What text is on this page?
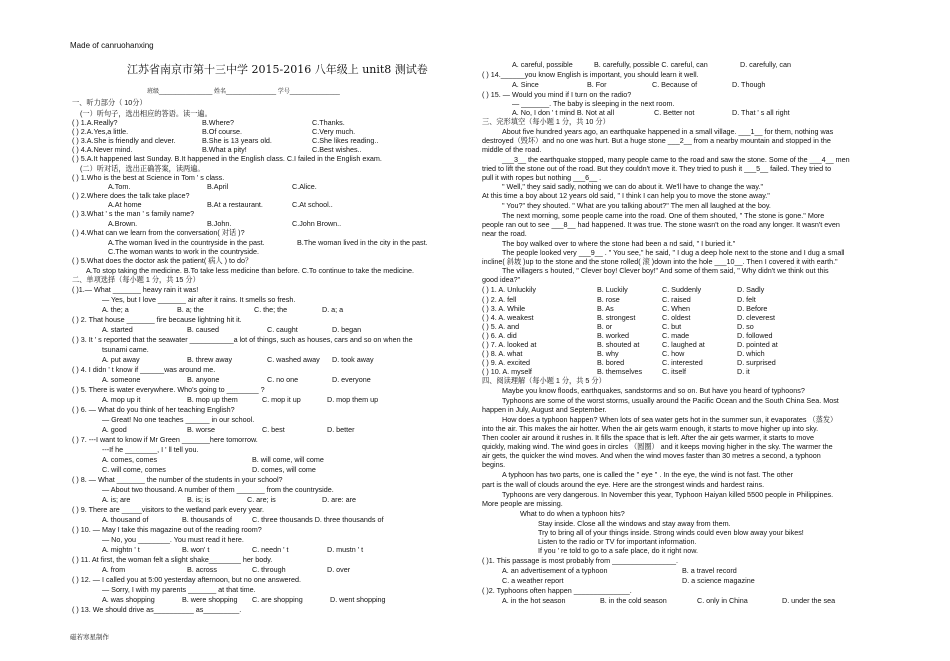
Made of canruohanxing
江苏省南京市第十三中学 2015-2016 八年级上 unit8 测试卷
班级________________ 姓名_______________ 学号_______________
一、听力部分（ 10分）
(一）听句子，选出相应的答语。读一遍。
( ) 1.A.Really?	B.Where?	C.Thanks.
( ) 2.A.Yes,a little.	B.Of course.	C.Very much.
( ) 3.A.She is friendly and clever.	B.She is 13 years old.	C.She likes reading..
( ) 4.A.Never mind.	B.What a pity!	C.Best wishes..
( ) 5.A.It happened last Sunday. B.It happened in the English class. C.I failed in the English exam.
(二）听对话，选出正确答案，读两遍。
( ) 1.Who is the best at Science in Tom ' s class.
A.Tom.	B.April	C.Alice.
( ) 2.Where does the talk take place?
A.At home	B.At a restaurant.	C.At school..
( ) 3.What ' s the man ' s family name?
A.Brown.	B.John.	C.John Brown..
( ) 4.What can we learn from the conversation( 对话 )?
A.The woman lived in the countryside in the past.	B.The woman lived in the city in the past.
C.The woman wants to work in the countryside.
( ) 5.What does the doctor ask the patient( 病人 ) to do？
A.To stop taking the medicine. B.To take less medicine than before. C.To continue to take the medicine.
二、单项选择（每小题 1 分，共 15 分）
( )1.— What _______ heavy rain it was!
— Yes, but I love _______ air after it rains. It smells so fresh.
A. the; a	B. a; the	C. the; the	D. a; a
( ) 2. That house _______ fire because lightning hit it.
A. started	B. caused	C. caught	D. began
( ) 3. It ' s reported that the seawater ___________a lot of things, such as houses, cars and so on when the
tsunami came.
A. put away	B. threw away	C. washed away D. took away
( ) 4. I didn ' t know if ______was around me.
A. someone	B. anyone	C. no one	D. everyone
( ) 5. There is water everywhere. Who's going to ________ ?
A. mop up it	B. mop up them	C. mop it up	D. mop them up
( ) 6. — What do you think of her teaching English?
— Great! No one teaches ______ in our school.
A. good	B. worse	C. best	D. better
( ) 7. ---I want to know if Mr Green _______here tomorrow.
---If he ________, I ' ll tell you.
A. comes, comes	B. will come, will come
C. will come, comes	D. comes, will come
( ) 8. — What _______ the number of the students in your school?
— About two thousand. A number of them _______ from the countryside.
A. is; are	B. is; is	C. are; is	D. are: are
( ) 9. There are _____visitors to the wetland park every year.
A. thousand of	B. thousands of	C. three thousands D. three thousands of
( ) 10. — May I take this magazine out of the reading room?
— No, you ________. You must read it here.
A. mightn ' t	B. won' t	C. needn ' t	D. mustn ' t
( ) 11. At first, the woman felt a slight shake________ her body.
A. from	B. across	C. through	D. over
( ) 12. — I called you at 5:00 yesterday afternoon, but no one answered.
— Sorry, I with my parents _______ at that time.
A. was shopping	B. were shopping C. are shopping	D. went shopping
( ) 13. We should drive as__________ as_________.
A. careful, possible	B. carefully, possible C. careful, can	D. carefully, can
( ) 14.______you know English is important, you should learn it well.
A. Since	B. For	C. Because of	D. Though
( ) 15. — Would you mind if I turn on the radio?
— _______. The baby is sleeping in the next room.
A. No, I don ' t mind B. Not at all	C. Better not	D. That ' s all right
三、完形填空（每小题 1 分，共 10 分）
About five hundred years ago, an earthquake happened in a small village. ___1__ for them, nothing was
destroyed（毁坏）and no one was hurt. But a huge stone ___2__ from a nearby mountain and stopped in the
middle of the road.
___3__ the earthquake stopped, many people came to the road and saw the stone. Some of the ___4__ men
tried to lift the stone out of the road. But they couldn't move it. They tried to push it ___5__ failed. They tried to
pull it with ropes but nothing ___6__ .
" Well," they said sadly, nothing we can do about it. We'll have to change the way."
At this time a boy about 12 years old said, " I think I can help you to move the stone away."
" You?" they shouted. " What are you talking about?" The men all laughed at the boy.
The next morning, some people came into the road. One of them shouted, " The stone is gone." More
people ran out to see ___8__ had happened. It was true. The stone wasn't on the road any longer. It wasn't even
near the road.
The boy walked over to where the stone had been a nd said, " I buried it."
The people looked very ___9__ . " You see," he said, " I dug a deep hole next to the stone and I dug a small
incline( 斜坡 )up to the stone and the stone rolled( 滚 )down into the hole ___10__. Then I covered it with earth."
The villagers s houted, " Clever boy! Clever boy!" And some of them said, " Why didn't we think out this
good idea?"
( ) 1. A. Unluckily	B. Luckily	C. Suddenly	D. Sadly
( ) 2. A. fell	B. rose	C. raised	D. felt
( ) 3. A. While	B. As	C. When	D. Before
( ) 4. A. weakest	B. strongest	C. oldest	D. cleverest
( ) 5. A. and	B. or	C. but	D. so
( ) 6. A. did	B. worked	C. made	D. followed
( ) 7. A. looked at	B. shouted at	C. laughed at	D. pointed at
( ) 8. A. what	B. why	C. how	D. which
( ) 9. A. excited	B. bored	C. interested	D. surprised
( ) 10. A. myself	B. themselves	C. itself	D. it
四、阅读理解（每小题 1 分，共 5 分）
Maybe you know floods, earthquakes, sandstorms and so on. But have you heard of typhoons?
Typhoons are some of the worst storms, usually around the Pacific Ocean and the South China Sea. Most
happen in July, August and September.
How does a typhoon happen? When lots of sea water gets hot in the summer sun, it evaporates （蒸发）
into the air. This makes the air hotter. When the air gets warm enough, it starts to move higher up into sky.
Then cooler air around it rushes in. It fills the space that is left. After the air gets warmer, it starts to move
quickly, making wind. The wind goes in circles （圆圈） and it keeps moving higher in the sky. The warmer the
air gets, the quicker the wind moves. And when the wind moves faster than 30 metres a second, a typhoon
begins.
A typhoon has two parts, one is called the " eye " . In the eye, the wind is not fast. The other
part is the wall of clouds around the eye. Here are the strongest winds and hardest rains.
Typhoons are very dangerous. In November this year, Typhoon Haiyan killed 5500 people in Philippines.
More people are missing.
What to do when a typhoon hits?
Stay inside. Close all the windows and stay away from them.
Try to bring all of your things inside. Strong winds could even blow away your bikes!
Listen to the radio or TV for important information.
If you ' re told to go to a safe place, do it right now.
( )1. This passage is most probably from ________________.
A. an advertisement of a typhoon	B. a travel record
C. a weather report	D. a science magazine
( )2. Typhoons often happen ______________.
A. in the hot season	B. in the cold season	C. only in China	D. under the sea
磁若寒星制作
